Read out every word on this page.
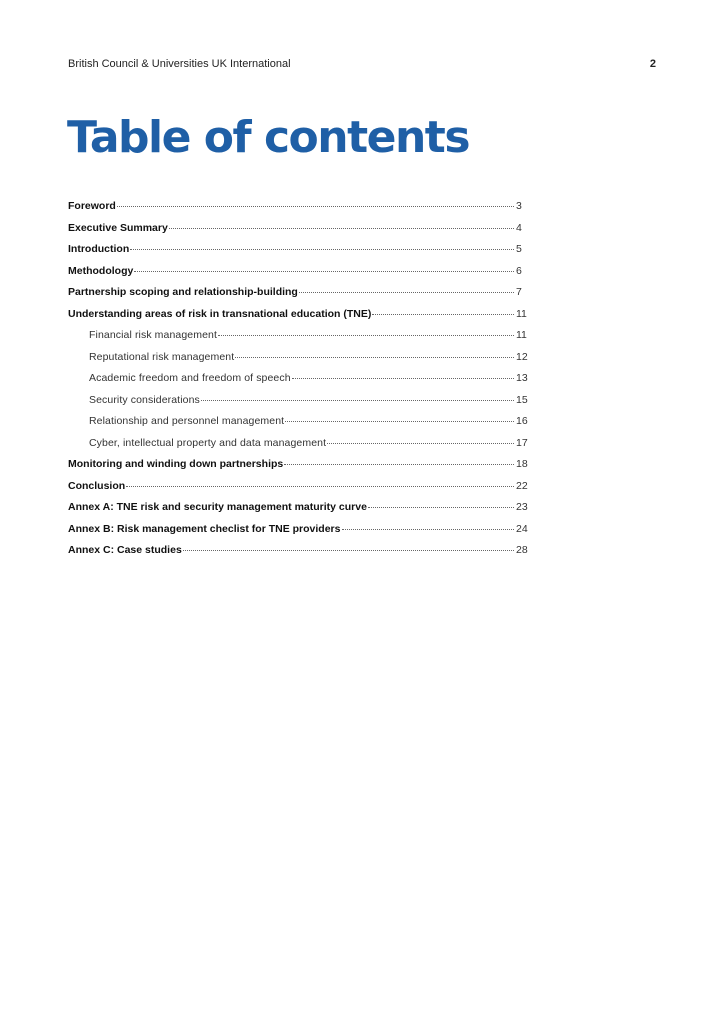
British Council & Universities UK International	2
Table of contents
Foreword	3
Executive Summary	4
Introduction	5
Methodology	6
Partnership scoping and relationship-building	7
Understanding areas of risk in transnational education (TNE)	11
Financial risk management	11
Reputational risk management	12
Academic freedom and freedom of speech	13
Security considerations	15
Relationship and personnel management	16
Cyber, intellectual property and data management	17
Monitoring and winding down partnerships	18
Conclusion	22
Annex A: TNE risk and security management maturity curve	23
Annex B: Risk management checlist for TNE providers	24
Annex C: Case studies	28
